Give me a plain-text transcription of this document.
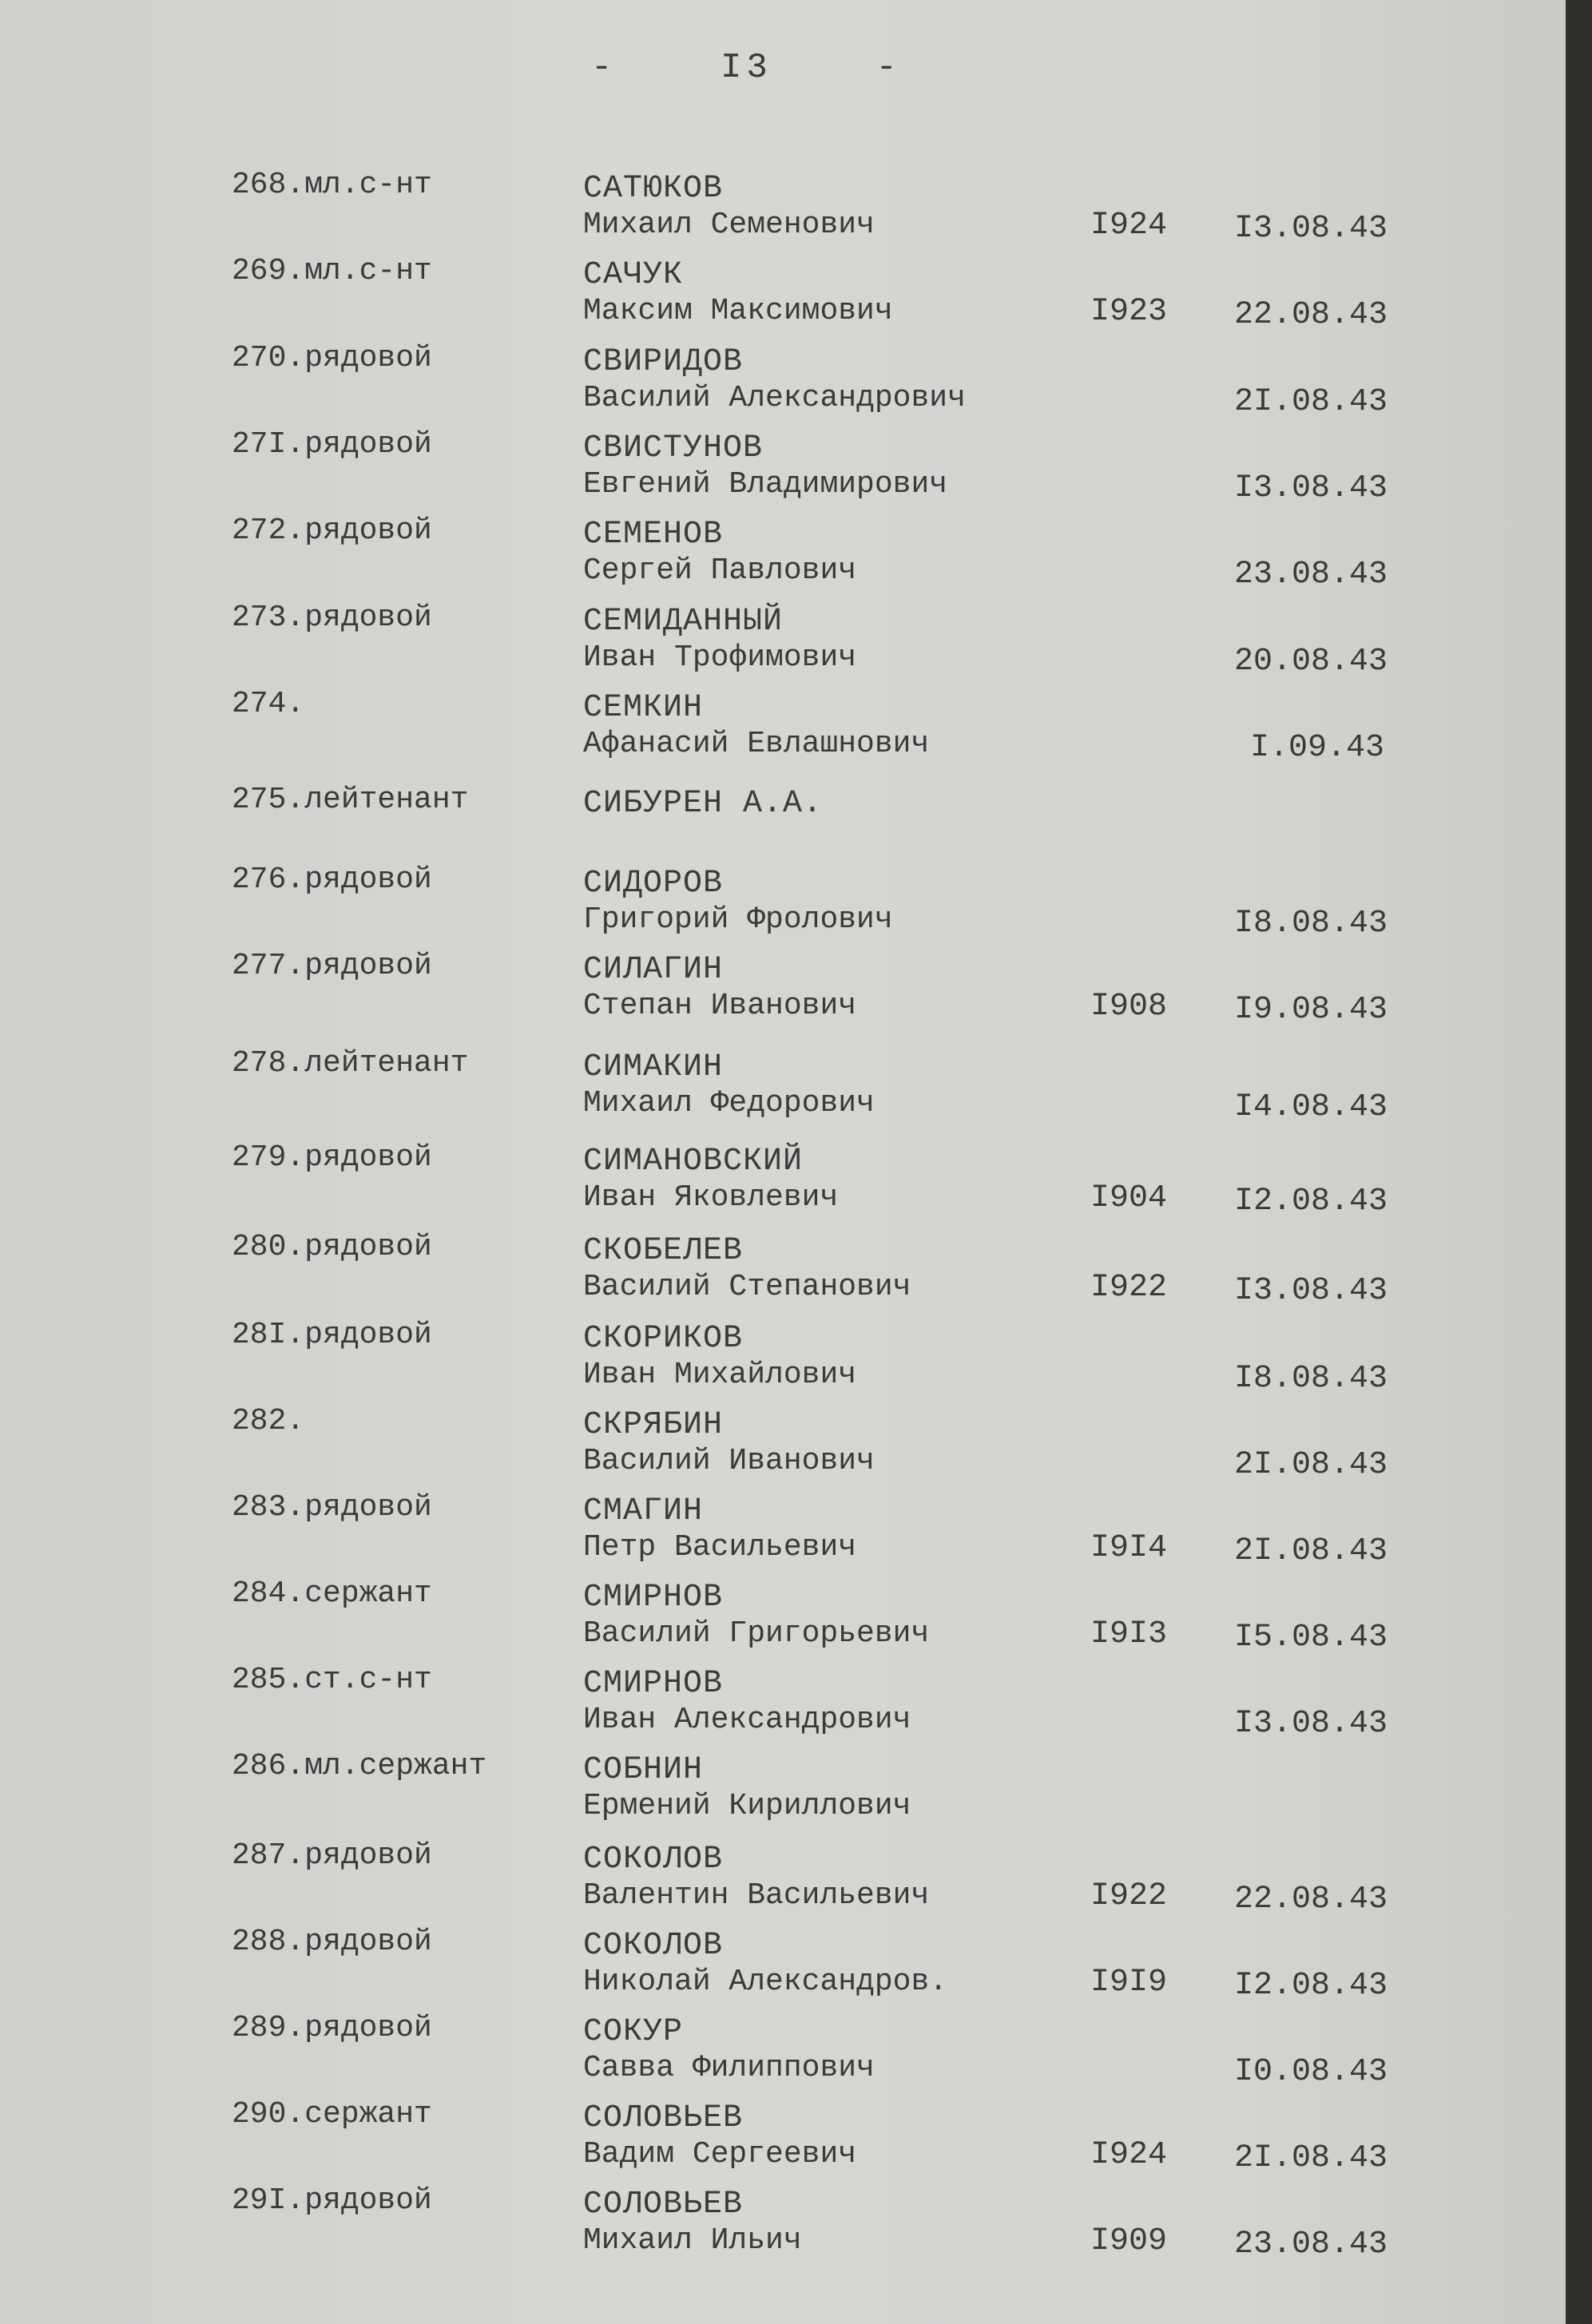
-    I3    -
268.мл.с-нт	САТЮКОВ
Михаил Семенович	I924 I3.08.43
269.мл.с-нт	САЧУК
Максим Максимович	I923 22.08.43
270.рядовой	СВИРИДОВ
Василий Александрович	2I.08.43
27I.рядовой	СВИСТУНОВ
Евгений Владимирович	I3.08.43
272.рядовой	СЕМЕНОВ
Сергей Павлович	23.08.43
273.рядовой	СЕМИДАННЫЙ
Иван Трофимович	20.08.43
274.	СЕМКИН
Афанасий Евлашнович	I.09.43
275.лейтенант	СИБУРЕН А.А.
276.рядовой	СИДОРОВ
Григорий Фролович	I8.08.43
277.рядовой	СИЛАГИН
Степан Иванович	I908 I9.08.43
278.лейтенант	СИМАКИН
Михаил Федорович	I4.08.43
279.рядовой	СИМАНОВСКИЙ
Иван Яковлевич	I904 I2.08.43
280.рядовой	СКОБЕЛЕВ
Василий Степанович	I922 I3.08.43
28I.рядовой	СКОРИКОВ
Иван Михайлович	I8.08.43
282.	СКРЯБИН
Василий Иванович	2I.08.43
283.рядовой	СМАГИН
Петр Васильевич	I9I4 2I.08.43
284.сержант	СМИРНОВ
Василий Григорьевич	I9I3 I5.08.43
285.ст.с-нт	СМИРНОВ
Иван Александрович	I3.08.43
286.мл.сержант	СОБНИН
Ермений Кириллович
287.рядовой	СОКОЛОВ
Валентин Васильевич	I922 22.08.43
288.рядовой	СОКОЛОВ
Николай Александров.	I9I9 I2.08.43
289.рядовой	СОКУР
Савва Филиппович	I0.08.43
290.сержант	СОЛОВЬЕВ
Вадим Сергеевич	I924 2I.08.43
29I.рядовой	СОЛОВЬЕВ
Михаил Ильич	I909 23.08.43
